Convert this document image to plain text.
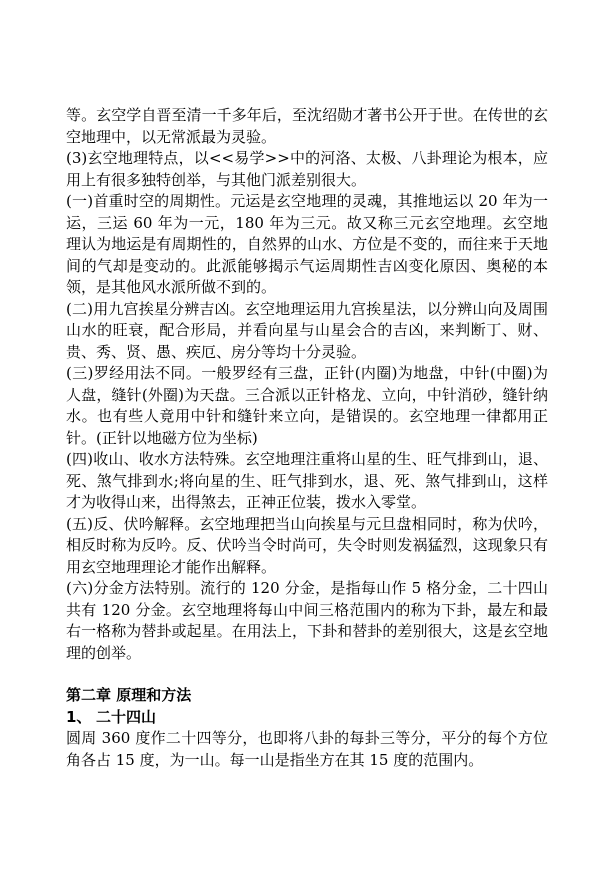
等。玄空学自晋至清一千多年后，至沈绍勋才著书公开于世。在传世的玄空地理中，以无常派最为灵验。

(3)玄空地理特点，以<<易学>>中的河洛、太极、八卦理论为根本，应用上有很多独特创举，与其他门派差别很大。

(一)首重时空的周期性。元运是玄空地理的灵魂，其推地运以 20 年为一运，三运 60 年为一元，180 年为三元。故又称三元玄空地理。玄空地理认为地运是有周期性的，自然界的山水、方位是不变的，而往来于天地间的气却是变动的。此派能够揭示气运周期性吉凶变化原因、奥秘的本领，是其他风水派所做不到的。

(二)用九宫挨星分辨吉凶。玄空地理运用九宫挨星法，以分辨山向及周围山水的旺衰，配合形局，并看向星与山星会合的吉凶，来判断丁、财、贵、秀、贤、愚、疾厄、房分等均十分灵验。

(三)罗经用法不同。一般罗经有三盘，正针(内圈)为地盘，中针(中圈)为人盘，缝针(外圈)为天盘。三合派以正针格龙、立向，中针消砂，缝针纳水。也有些人竟用中针和缝针来立向，是错误的。玄空地理一律都用正针。(正针以地磁方位为坐标)

(四)收山、收水方法特殊。玄空地理注重将山星的生、旺气排到山，退、死、煞气排到水;将向星的生、旺气排到水，退、死、煞气排到山，这样才为收得山来，出得煞去，正神正位装，拨水入零堂。

(五)反、伏吟解释。玄空地理把当山向挨星与元旦盘相同时，称为伏吟，相反时称为反吟。反、伏吟当令时尚可，失令时则发祸猛烈，这现象只有用玄空地理理论才能作出解释。

(六)分金方法特别。流行的 120 分金，是指每山作 5 格分金，二十四山共有 120 分金。玄空地理将每山中间三格范围内的称为下卦，最左和最右一格称为替卦或起星。在用法上，下卦和替卦的差别很大，这是玄空地理的创举。

第二章 原理和方法
1、 二十四山

圆周 360 度作二十四等分，也即将八卦的每卦三等分，平分的每个方位角各占 15 度，为一山。每一山是指坐方在其 15 度的范围内。
